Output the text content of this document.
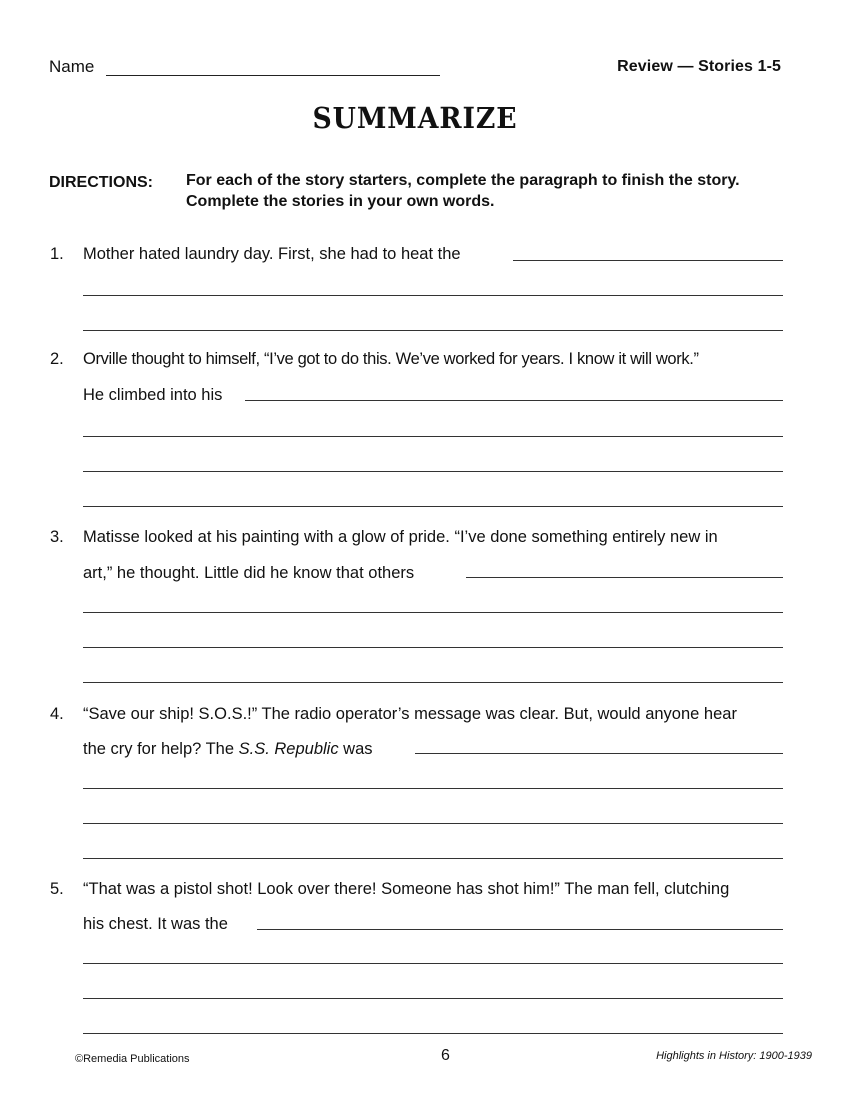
Name	Review — Stories 1-5
SUMMARIZE
DIRECTIONS: For each of the story starters, complete the paragraph to finish the story.
Complete the stories in your own words.
1. Mother hated laundry day. First, she had to heat the
2. Orville thought to himself, “I’ve got to do this. We’ve worked for years. I know it will work.”
He climbed into his
3. Matisse looked at his painting with a glow of pride. “I’ve done something entirely new in
art,” he thought. Little did he know that others
4. “Save our ship! S.O.S.!” The radio operator’s message was clear. But, would anyone hear
the cry for help? The S.S. Republic was
5. “That was a pistol shot! Look over there! Someone has shot him!” The man fell, clutching
his chest. It was the
©Remedia Publications	6	Highlights in History: 1900-1939
